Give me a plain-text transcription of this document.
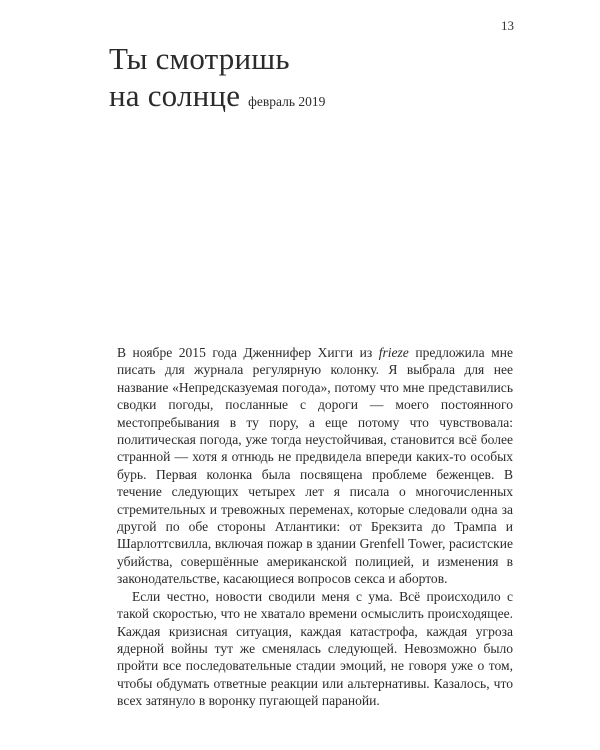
13
Ты смотришь
на солнце февраль 2019

В ноябре 2015 года Дженнифер Хигги из frieze предложила мне писать для журнала регулярную колонку. Я выбрала для нее название «Непредсказуемая погода», потому что мне представились сводки погоды, посланные с дороги — моего постоянного местопребывания в ту пору, а еще потому что чувствовала: политическая погода, уже тогда неустойчивая, становится всё более странной — хотя я отнюдь не предвидела впереди каких-то особых бурь. Первая колонка была посвящена проблеме беженцев. В течение следующих четырех лет я писала о многочисленных стремительных и тревожных переменах, которые следовали одна за другой по обе стороны Атлантики: от Брекзита до Трампа и Шарлоттсвилла, включая пожар в здании Grenfell Tower, расистские убийства, совершённые американской полицией, и изменения в законодательстве, касающиеся вопросов секса и абортов.

Если честно, новости сводили меня с ума. Всё происходило с такой скоростью, что не хватало времени осмыслить происходящее. Каждая кризисная ситуация, каждая катастрофа, каждая угроза ядерной войны тут же сменялась следующей. Невозможно было пройти все последовательные стадии эмоций, не говоря уже о том, чтобы обдумать ответные реакции или альтернативы. Казалось, что всех затянуло в воронку пугающей паранойи.
